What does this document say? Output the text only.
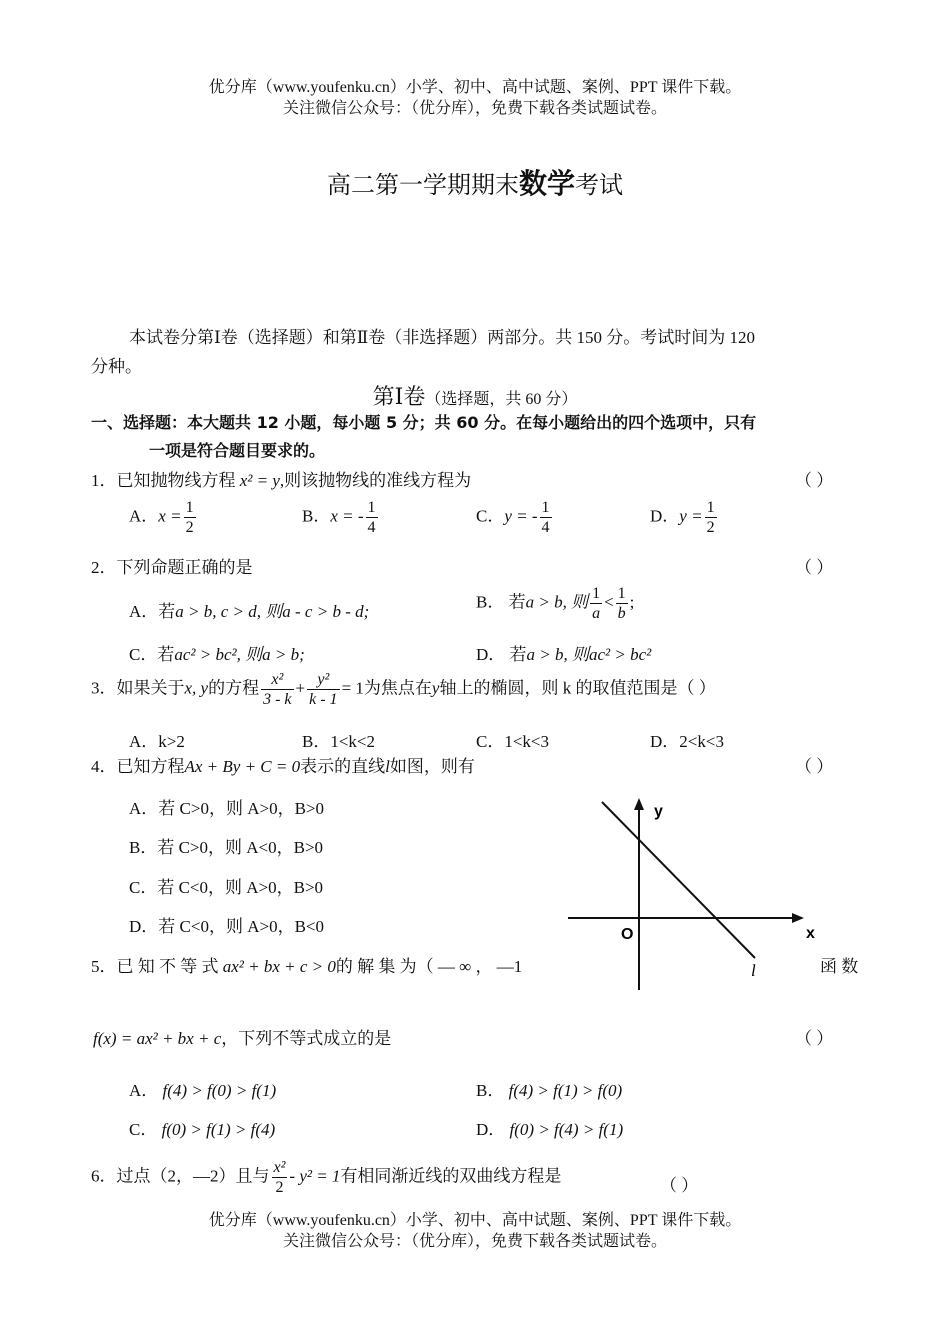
优分库（www.youfenku.cn）小学、初中、高中试题、案例、PPT 课件下载。
关注微信公众号：（优分库），免费下载各类试题试卷。
高二第一学期期末数学考试
本试卷分第Ⅰ卷（选择题）和第Ⅱ卷（非选择题）两部分。共 150 分。考试时间为 120
分种。
第Ⅰ卷（选择题，共 60 分）
一、选择题：本大题共 12 小题，每小题 5 分；共 60 分。在每小题给出的四个选项中，只有
一项是符合题目要求的。
1．已知抛物线方程 x² = y,则该抛物线的准线方程为	（ ）
A．$x = \frac{1}{2}$	B．x = - $\frac{1}{4}$	C．y = - $\frac{1}{4}$	D．$y = \frac{1}{2}$
2．下列命题正确的是	（ ）
A．若a > b, c > d, 则a - c > b - d;
B． 若a > b, 则 $\frac{1}{a} < \frac{1}{b}$ ;
C．若ac² > bc², 则a > b;	D． 若a > b, 则ac² > bc²
3．如果关于x, y的方程 $\frac{\text{x²}}{3 - k} + \frac{\text{y²}}{k - 1} = 1$为焦点在y轴上的椭圆，则 k 的取值范围是（ ）
A．k>2	B．1<k<2	C．1<k<3	D．2<k<3
4．已知方程Ax + By + C = 0表示的直线l如图，则有	（ ）
A．若 C>0，则 A>0，B>0
B．若 C>0，则 A<0，B>0
C．若 C<0，则 A>0，B>0
D．若 C<0，则 A>0，B<0
y
x
O
l
5．已 知 不 等 式 ax² + bx + c > 0的 解 集 为（ — ∞ ， —1	函 数
f(x) = ax² + bx + c，下列不等式成立的是	（ ）
A． f(4) > f(0) > f(1)	B． f(4) > f(1) > f(0)
C． f(0) > f(1) > f(4)	D． f(0) > f(4) > f(1)
6．过点（2，—2）且与 $\frac{\text{x²}}{2} - y^2 = 1$有相同渐近线的双曲线方程是
（ ）
优分库（www.youfenku.cn）小学、初中、高中试题、案例、PPT 课件下载。
关注微信公众号：（优分库），免费下载各类试题试卷。
